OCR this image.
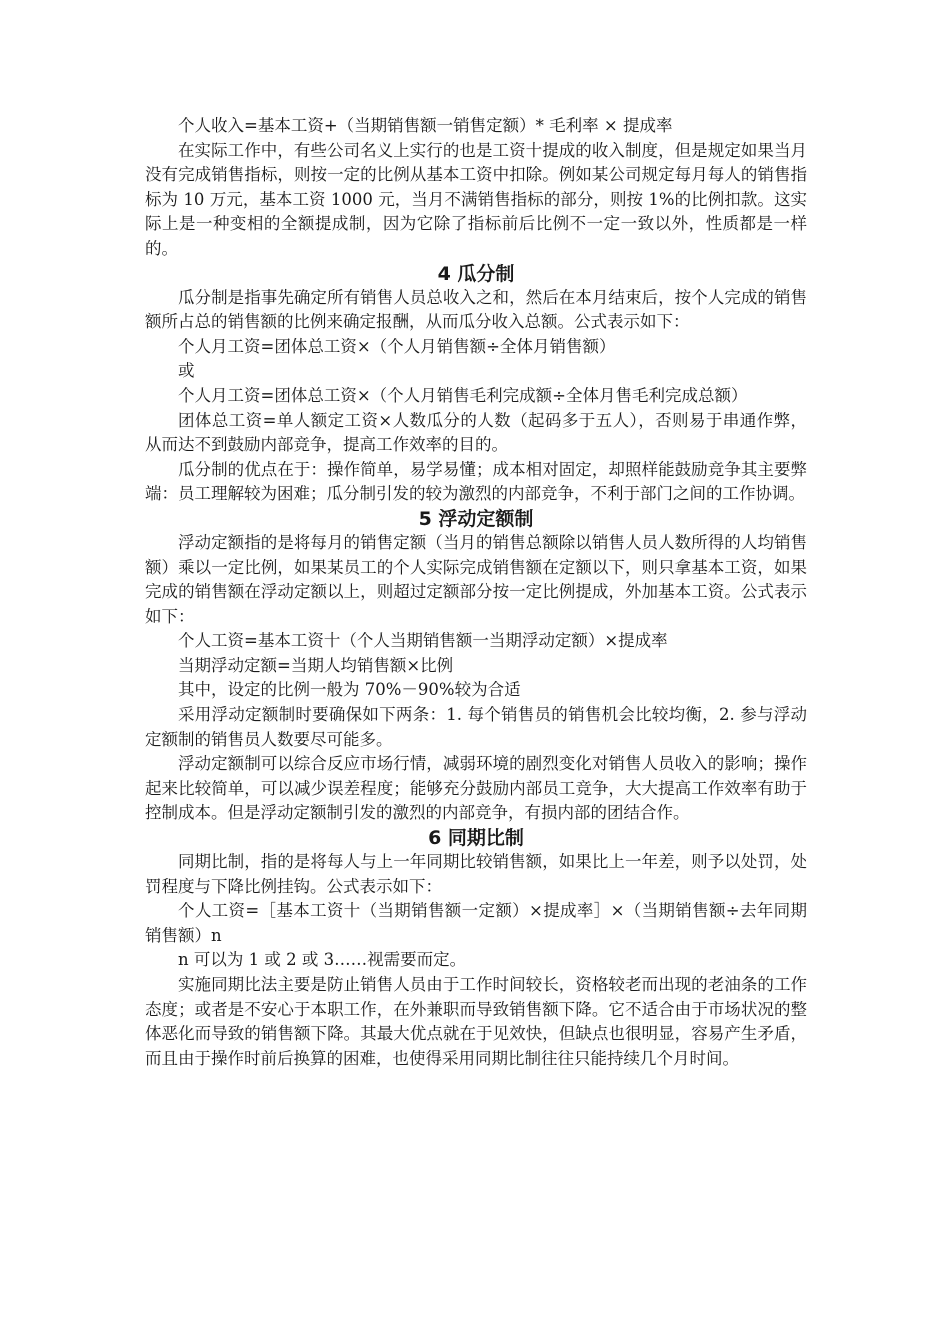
个人收入=基本工资+（当期销售额一销售定额）* 毛利率 × 提成率

在实际工作中，有些公司名义上实行的也是工资十提成的收入制度，但是规定如果当月没有完成销售指标，则按一定的比例从基本工资中扣除。例如某公司规定每月每人的销售指标为 10 万元，基本工资 1000 元，当月不满销售指标的部分，则按 1%的比例扣款。这实际上是一种变相的全额提成制，因为它除了指标前后比例不一定一致以外，性质都是一样的。

4 瓜分制

瓜分制是指事先确定所有销售人员总收入之和，然后在本月结束后，按个人完成的销售额所占总的销售额的比例来确定报酬，从而瓜分收入总额。公式表示如下：

个人月工资=团体总工资×（个人月销售额÷全体月销售额）

或

个人月工资=团体总工资×（个人月销售毛利完成额÷全体月售毛利完成总额）

团体总工资=单人额定工资×人数瓜分的人数（起码多于五人），否则易于串通作弊，从而达不到鼓励内部竞争，提高工作效率的目的。

瓜分制的优点在于：操作简单，易学易懂；成本相对固定，却照样能鼓励竞争其主要弊端：员工理解较为困难；瓜分制引发的较为激烈的内部竞争，不利于部门之间的工作协调。

5 浮动定额制

浮动定额指的是将每月的销售定额（当月的销售总额除以销售人员人数所得的人均销售额）乘以一定比例，如果某员工的个人实际完成销售额在定额以下，则只拿基本工资，如果完成的销售额在浮动定额以上，则超过定额部分按一定比例提成，外加基本工资。公式表示如下：

个人工资=基本工资十（个人当期销售额一当期浮动定额）×提成率

当期浮动定额=当期人均销售额×比例

其中，设定的比例一般为 70%－90%较为合适

采用浮动定额制时要确保如下两条：1. 每个销售员的销售机会比较均衡，2. 参与浮动定额制的销售员人数要尽可能多。

浮动定额制可以综合反应市场行情，减弱环境的剧烈变化对销售人员收入的影响；操作起来比较简单，可以减少误差程度；能够充分鼓励内部员工竞争，大大提高工作效率有助于控制成本。但是浮动定额制引发的激烈的内部竞争，有损内部的团结合作。

6 同期比制

同期比制，指的是将每人与上一年同期比较销售额，如果比上一年差，则予以处罚，处罚程度与下降比例挂钩。公式表示如下：

个人工资=［基本工资十（当期销售额一定额）×提成率］×（当期销售额÷去年同期销售额）n

n 可以为 1 或 2 或 3……视需要而定。

实施同期比法主要是防止销售人员由于工作时间较长，资格较老而出现的老油条的工作态度；或者是不安心于本职工作，在外兼职而导致销售额下降。它不适合由于市场状况的整体恶化而导致的销售额下降。其最大优点就在于见效快，但缺点也很明显，容易产生矛盾，而且由于操作时前后换算的困难，也使得采用同期比制往往只能持续几个月时间。
